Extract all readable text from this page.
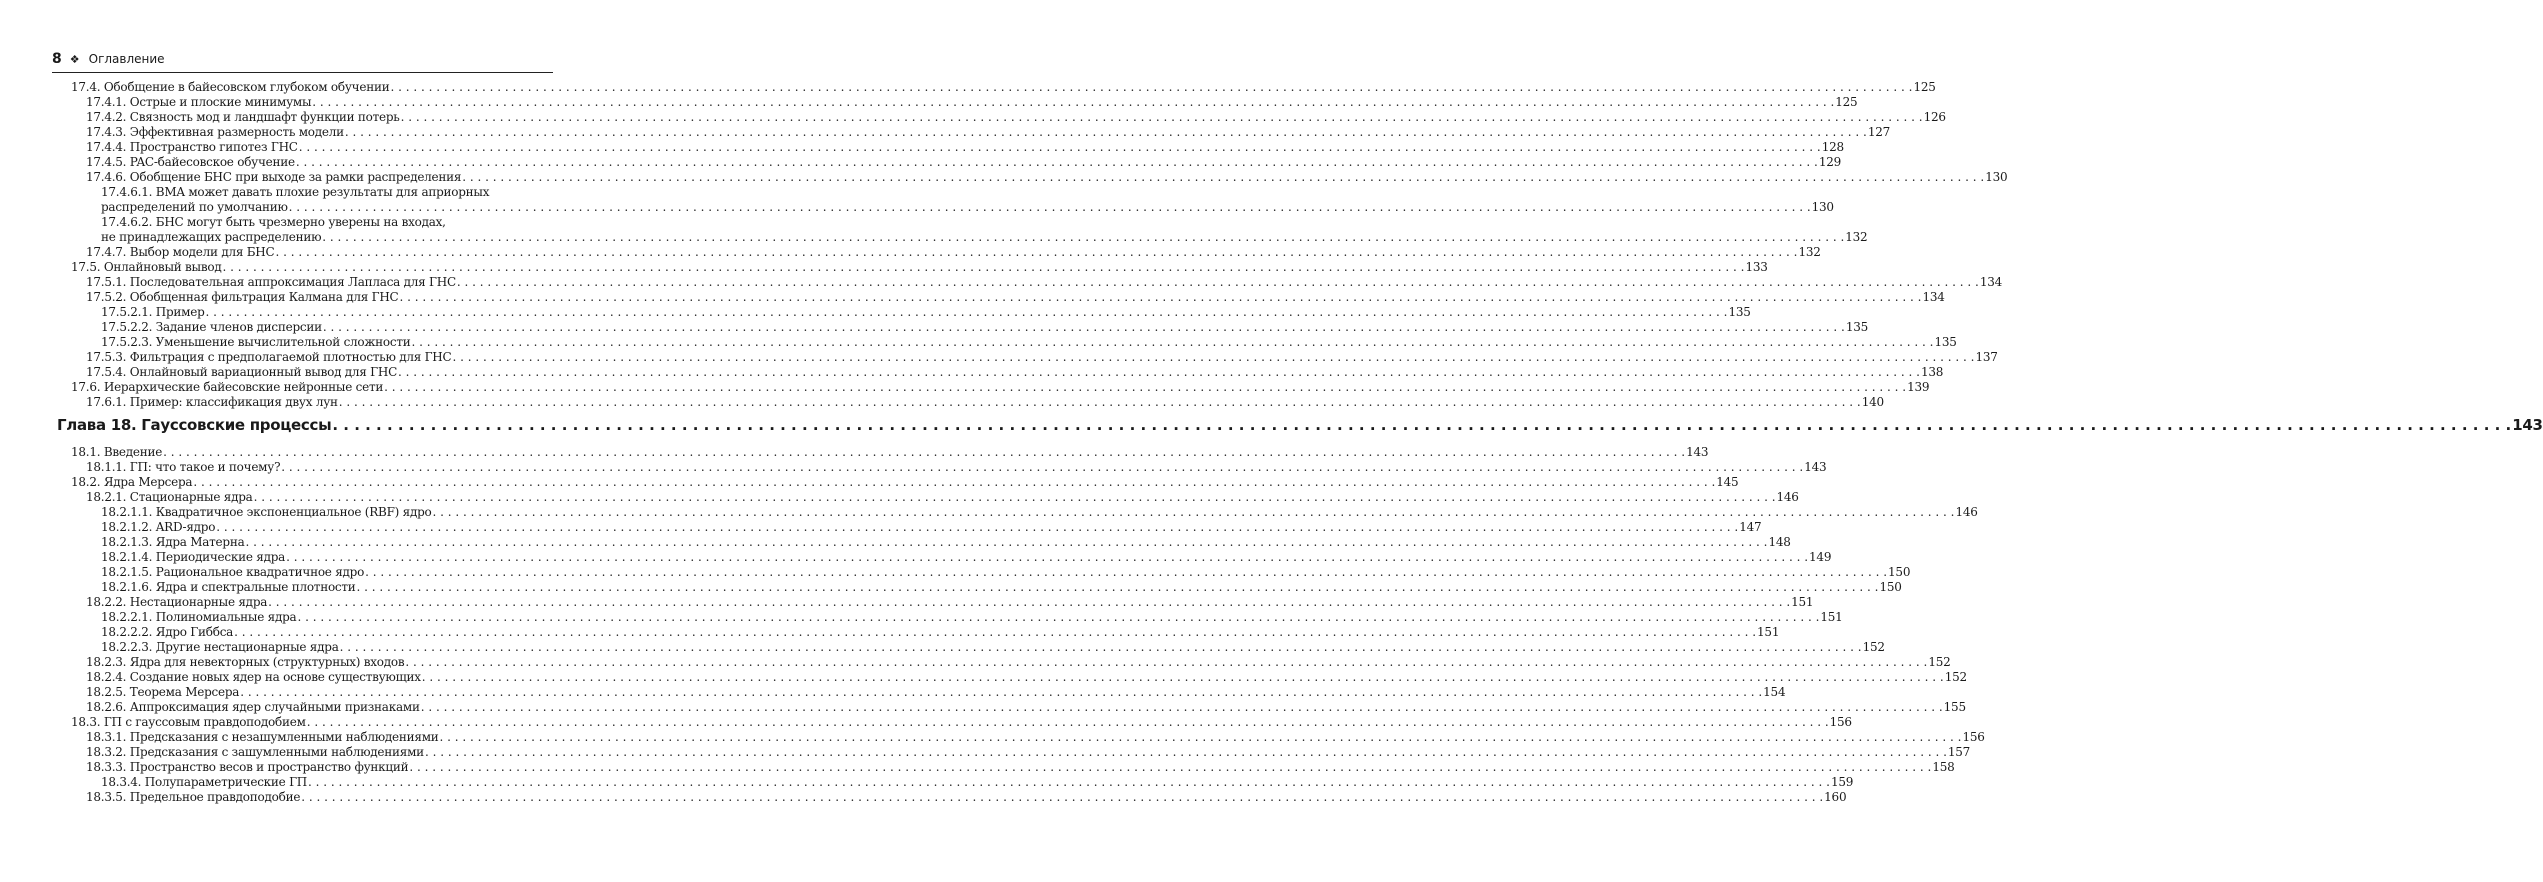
8 ❖ Оглавление
17.4. Обобщение в байесовском глубоком обучении . . . . . . . . . . . . . . . . . . . . . . . . . . . . . . . . . . . . . . . . . . . . . . . . . . . . . . . . . . . . . . . . . . . . . . . . . . . . . . . . . . . . . . . . . . . . . . . . . . . . . . . . . . . . . . . . . . . . . . . . . . . . . . . . . . . . . . . . . . . . . . . . . . . . . . . . . . . . . . . . . . . . . . . . . . . . . . . . . . . . . . . . . . . . . . . . . . . . . . . . 125
17.4.1. Острые и плоские минимумы . . . . . . . . . . . . . . . . . . . . . . . . . . . . . . . . . . . . . . . . . . . . . . . . . . . . . . . . . . . . . . . . . . . . . . . . . . . . . . . . . . . . . . . . . . . . . . . . . . . . . . . . . . . . . . . . . . . . . . . . . . . . . . . . . . . . . . . . . . . . . . . . . . . . . . . . . . . . . . . . . . . . . . . . . . . . . . . . . . . . . . . . . . . . . . . . . . . . . . . . 125
17.4.2. Связность мод и ландшафт функции потерь . . . . . . . . . . . . . . . . . . . . . . . . . . . . . . . . . . . . . . . . . . . . . . . . . . . . . . . . . . . . . . . . . . . . . . . . . . . . . . . . . . . . . . . . . . . . . . . . . . . . . . . . . . . . . . . . . . . . . . . . . . . . . . . . . . . . . . . . . . . . . . . . . . . . . . . . . . . . . . . . . . . . . . . . . . . . . . . . . . . . . . . . . . . . . . . . . . . . . . . . 126
17.4.3. Эффективная размерность модели . . . . . . . . . . . . . . . . . . . . . . . . . . . . . . . . . . . . . . . . . . . . . . . . . . . . . . . . . . . . . . . . . . . . . . . . . . . . . . . . . . . . . . . . . . . . . . . . . . . . . . . . . . . . . . . . . . . . . . . . . . . . . . . . . . . . . . . . . . . . . . . . . . . . . . . . . . . . . . . . . . . . . . . . . . . . . . . . . . . . . . . . . . . . . . . . . . . . . . . . 127
17.4.4. Пространство гипотез ГНС . . . . . . . . . . . . . . . . . . . . . . . . . . . . . . . . . . . . . . . . . . . . . . . . . . . . . . . . . . . . . . . . . . . . . . . . . . . . . . . . . . . . . . . . . . . . . . . . . . . . . . . . . . . . . . . . . . . . . . . . . . . . . . . . . . . . . . . . . . . . . . . . . . . . . . . . . . . . . . . . . . . . . . . . . . . . . . . . . . . . . . . . . . . . . . . . . . . . . . . . 128
17.4.5. PAC-байесовское обучение . . . . . . . . . . . . . . . . . . . . . . . . . . . . . . . . . . . . . . . . . . . . . . . . . . . . . . . . . . . . . . . . . . . . . . . . . . . . . . . . . . . . . . . . . . . . . . . . . . . . . . . . . . . . . . . . . . . . . . . . . . . . . . . . . . . . . . . . . . . . . . . . . . . . . . . . . . . . . . . . . . . . . . . . . . . . . . . . . . . . . . . . . . . . . . . . . . . . . . . . 129
17.4.6. Обобщение БНС при выходе за рамки распределения . . . . . . . . . . . . . . . . . . . . . . . . . . . . . . . . . . . . . . . . . . . . . . . . . . . . . . . . . . . . . . . . . . . . . . . . . . . . . . . . . . . . . . . . . . . . . . . . . . . . . . . . . . . . . . . . . . . . . . . . . . . . . . . . . . . . . . . . . . . . . . . . . . . . . . . . . . . . . . . . . . . . . . . . . . . . . . . . . . . . . . . . . . . . . . . . . . . . . . . . 130
17.4.6.1. BMA может давать плохие результаты для априорных
распределений по умолчанию . . . . . . . . . . . . . . . . . . . . . . . . . . . . . . . . . . . . . . . . . . . . . . . . . . . . . . . . . . . . . . . . . . . . . . . . . . . . . . . . . . . . . . . . . . . . . . . . . . . . . . . . . . . . . . . . . . . . . . . . . . . . . . . . . . . . . . . . . . . . . . . . . . . . . . . . . . . . . . . . . . . . . . . . . . . . . . . . . . . . . . . . . . . . . . . . . . . . . . . . 130
17.4.6.2. БНС могут быть чрезмерно уверены на входах,
не принадлежащих распределению . . . . . . . . . . . . . . . . . . . . . . . . . . . . . . . . . . . . . . . . . . . . . . . . . . . . . . . . . . . . . . . . . . . . . . . . . . . . . . . . . . . . . . . . . . . . . . . . . . . . . . . . . . . . . . . . . . . . . . . . . . . . . . . . . . . . . . . . . . . . . . . . . . . . . . . . . . . . . . . . . . . . . . . . . . . . . . . . . . . . . . . . . . . . . . . . . . . . . . . . 132
17.4.7. Выбор модели для БНС . . . . . . . . . . . . . . . . . . . . . . . . . . . . . . . . . . . . . . . . . . . . . . . . . . . . . . . . . . . . . . . . . . . . . . . . . . . . . . . . . . . . . . . . . . . . . . . . . . . . . . . . . . . . . . . . . . . . . . . . . . . . . . . . . . . . . . . . . . . . . . . . . . . . . . . . . . . . . . . . . . . . . . . . . . . . . . . . . . . . . . . . . . . . . . . . . . . . . . . . 132
17.5. Онлайновый вывод . . . . . . . . . . . . . . . . . . . . . . . . . . . . . . . . . . . . . . . . . . . . . . . . . . . . . . . . . . . . . . . . . . . . . . . . . . . . . . . . . . . . . . . . . . . . . . . . . . . . . . . . . . . . . . . . . . . . . . . . . . . . . . . . . . . . . . . . . . . . . . . . . . . . . . . . . . . . . . . . . . . . . . . . . . . . . . . . . . . . . . . . . . . . . . . . . . . . . . . . 133
17.5.1. Последовательная аппроксимация Лапласа для ГНС . . . . . . . . . . . . . . . . . . . . . . . . . . . . . . . . . . . . . . . . . . . . . . . . . . . . . . . . . . . . . . . . . . . . . . . . . . . . . . . . . . . . . . . . . . . . . . . . . . . . . . . . . . . . . . . . . . . . . . . . . . . . . . . . . . . . . . . . . . . . . . . . . . . . . . . . . . . . . . . . . . . . . . . . . . . . . . . . . . . . . . . . . . . . . . . . . . . . . . . . 134
17.5.2. Обобщенная фильтрация Калмана для ГНС . . . . . . . . . . . . . . . . . . . . . . . . . . . . . . . . . . . . . . . . . . . . . . . . . . . . . . . . . . . . . . . . . . . . . . . . . . . . . . . . . . . . . . . . . . . . . . . . . . . . . . . . . . . . . . . . . . . . . . . . . . . . . . . . . . . . . . . . . . . . . . . . . . . . . . . . . . . . . . . . . . . . . . . . . . . . . . . . . . . . . . . . . . . . . . . . . . . . . . . . 134
17.5.2.1. Пример . . . . . . . . . . . . . . . . . . . . . . . . . . . . . . . . . . . . . . . . . . . . . . . . . . . . . . . . . . . . . . . . . . . . . . . . . . . . . . . . . . . . . . . . . . . . . . . . . . . . . . . . . . . . . . . . . . . . . . . . . . . . . . . . . . . . . . . . . . . . . . . . . . . . . . . . . . . . . . . . . . . . . . . . . . . . . . . . . . . . . . . . . . . . . . . . . . . . . . . . 135
17.5.2.2. Задание членов дисперсии . . . . . . . . . . . . . . . . . . . . . . . . . . . . . . . . . . . . . . . . . . . . . . . . . . . . . . . . . . . . . . . . . . . . . . . . . . . . . . . . . . . . . . . . . . . . . . . . . . . . . . . . . . . . . . . . . . . . . . . . . . . . . . . . . . . . . . . . . . . . . . . . . . . . . . . . . . . . . . . . . . . . . . . . . . . . . . . . . . . . . . . . . . . . . . . . . . . . . . . . 135
17.5.2.3. Уменьшение вычислительной сложности . . . . . . . . . . . . . . . . . . . . . . . . . . . . . . . . . . . . . . . . . . . . . . . . . . . . . . . . . . . . . . . . . . . . . . . . . . . . . . . . . . . . . . . . . . . . . . . . . . . . . . . . . . . . . . . . . . . . . . . . . . . . . . . . . . . . . . . . . . . . . . . . . . . . . . . . . . . . . . . . . . . . . . . . . . . . . . . . . . . . . . . . . . . . . . . . . . . . . . . . 135
17.5.3. Фильтрация с предполагаемой плотностью для ГНС . . . . . . . . . . . . . . . . . . . . . . . . . . . . . . . . . . . . . . . . . . . . . . . . . . . . . . . . . . . . . . . . . . . . . . . . . . . . . . . . . . . . . . . . . . . . . . . . . . . . . . . . . . . . . . . . . . . . . . . . . . . . . . . . . . . . . . . . . . . . . . . . . . . . . . . . . . . . . . . . . . . . . . . . . . . . . . . . . . . . . . . . . . . . . . . . . . . . . . . . 137
17.5.4. Онлайновый вариационный вывод для ГНС . . . . . . . . . . . . . . . . . . . . . . . . . . . . . . . . . . . . . . . . . . . . . . . . . . . . . . . . . . . . . . . . . . . . . . . . . . . . . . . . . . . . . . . . . . . . . . . . . . . . . . . . . . . . . . . . . . . . . . . . . . . . . . . . . . . . . . . . . . . . . . . . . . . . . . . . . . . . . . . . . . . . . . . . . . . . . . . . . . . . . . . . . . . . . . . . . . . . . . . . 138
17.6. Иерархические байесовские нейронные сети . . . . . . . . . . . . . . . . . . . . . . . . . . . . . . . . . . . . . . . . . . . . . . . . . . . . . . . . . . . . . . . . . . . . . . . . . . . . . . . . . . . . . . . . . . . . . . . . . . . . . . . . . . . . . . . . . . . . . . . . . . . . . . . . . . . . . . . . . . . . . . . . . . . . . . . . . . . . . . . . . . . . . . . . . . . . . . . . . . . . . . . . . . . . . . . . . . . . . . . . 139
17.6.1. Пример: классификация двух лун . . . . . . . . . . . . . . . . . . . . . . . . . . . . . . . . . . . . . . . . . . . . . . . . . . . . . . . . . . . . . . . . . . . . . . . . . . . . . . . . . . . . . . . . . . . . . . . . . . . . . . . . . . . . . . . . . . . . . . . . . . . . . . . . . . . . . . . . . . . . . . . . . . . . . . . . . . . . . . . . . . . . . . . . . . . . . . . . . . . . . . . . . . . . . . . . . . . . . . . . 140
Глава 18. Гауссовские процессы . . . . . . . . . . . . . . . . . . . . . . . . . . . . . . . . . . . . . . . . . . . . . . . . . . . . . . . . . . . . . . . . . . . . . . . . . . . . . . . . . . . . . . . . . . . . . . . . . . . . . . . . . . . . . . . . . . . . . . . . . . . . . . . . . . . . . . . . . . . . . . . . . . . . . . . . . . . . . . . . . . . . . . . . . . . . . . . . . . . . . . . . . . . . . . . . . . . . . . . . 143
18.1. Введение . . . . . . . . . . . . . . . . . . . . . . . . . . . . . . . . . . . . . . . . . . . . . . . . . . . . . . . . . . . . . . . . . . . . . . . . . . . . . . . . . . . . . . . . . . . . . . . . . . . . . . . . . . . . . . . . . . . . . . . . . . . . . . . . . . . . . . . . . . . . . . . . . . . . . . . . . . . . . . . . . . . . . . . . . . . . . . . . . . . . . . . . . . . . . . . . . . . . . . . . 143
18.1.1. ГП: что такое и почему? . . . . . . . . . . . . . . . . . . . . . . . . . . . . . . . . . . . . . . . . . . . . . . . . . . . . . . . . . . . . . . . . . . . . . . . . . . . . . . . . . . . . . . . . . . . . . . . . . . . . . . . . . . . . . . . . . . . . . . . . . . . . . . . . . . . . . . . . . . . . . . . . . . . . . . . . . . . . . . . . . . . . . . . . . . . . . . . . . . . . . . . . . . . . . . . . . . . . . . . . 143
18.2. Ядра Мерсера . . . . . . . . . . . . . . . . . . . . . . . . . . . . . . . . . . . . . . . . . . . . . . . . . . . . . . . . . . . . . . . . . . . . . . . . . . . . . . . . . . . . . . . . . . . . . . . . . . . . . . . . . . . . . . . . . . . . . . . . . . . . . . . . . . . . . . . . . . . . . . . . . . . . . . . . . . . . . . . . . . . . . . . . . . . . . . . . . . . . . . . . . . . . . . . . . . . . . . . . 145
18.2.1. Стационарные ядра . . . . . . . . . . . . . . . . . . . . . . . . . . . . . . . . . . . . . . . . . . . . . . . . . . . . . . . . . . . . . . . . . . . . . . . . . . . . . . . . . . . . . . . . . . . . . . . . . . . . . . . . . . . . . . . . . . . . . . . . . . . . . . . . . . . . . . . . . . . . . . . . . . . . . . . . . . . . . . . . . . . . . . . . . . . . . . . . . . . . . . . . . . . . . . . . . . . . . . . . 146
18.2.1.1. Квадратичное экспоненциальное (RBF) ядро . . . . . . . . . . . . . . . . . . . . . . . . . . . . . . . . . . . . . . . . . . . . . . . . . . . . . . . . . . . . . . . . . . . . . . . . . . . . . . . . . . . . . . . . . . . . . . . . . . . . . . . . . . . . . . . . . . . . . . . . . . . . . . . . . . . . . . . . . . . . . . . . . . . . . . . . . . . . . . . . . . . . . . . . . . . . . . . . . . . . . . . . . . . . . . . . . . . . . . . . 146
18.2.1.2. ARD-ядро . . . . . . . . . . . . . . . . . . . . . . . . . . . . . . . . . . . . . . . . . . . . . . . . . . . . . . . . . . . . . . . . . . . . . . . . . . . . . . . . . . . . . . . . . . . . . . . . . . . . . . . . . . . . . . . . . . . . . . . . . . . . . . . . . . . . . . . . . . . . . . . . . . . . . . . . . . . . . . . . . . . . . . . . . . . . . . . . . . . . . . . . . . . . . . . . . . . . . . . . 147
18.2.1.3. Ядра Матерна . . . . . . . . . . . . . . . . . . . . . . . . . . . . . . . . . . . . . . . . . . . . . . . . . . . . . . . . . . . . . . . . . . . . . . . . . . . . . . . . . . . . . . . . . . . . . . . . . . . . . . . . . . . . . . . . . . . . . . . . . . . . . . . . . . . . . . . . . . . . . . . . . . . . . . . . . . . . . . . . . . . . . . . . . . . . . . . . . . . . . . . . . . . . . . . . . . . . . . . . 148
18.2.1.4. Периодические ядра . . . . . . . . . . . . . . . . . . . . . . . . . . . . . . . . . . . . . . . . . . . . . . . . . . . . . . . . . . . . . . . . . . . . . . . . . . . . . . . . . . . . . . . . . . . . . . . . . . . . . . . . . . . . . . . . . . . . . . . . . . . . . . . . . . . . . . . . . . . . . . . . . . . . . . . . . . . . . . . . . . . . . . . . . . . . . . . . . . . . . . . . . . . . . . . . . . . . . . . . 149
18.2.1.5. Рациональное квадратичное ядро . . . . . . . . . . . . . . . . . . . . . . . . . . . . . . . . . . . . . . . . . . . . . . . . . . . . . . . . . . . . . . . . . . . . . . . . . . . . . . . . . . . . . . . . . . . . . . . . . . . . . . . . . . . . . . . . . . . . . . . . . . . . . . . . . . . . . . . . . . . . . . . . . . . . . . . . . . . . . . . . . . . . . . . . . . . . . . . . . . . . . . . . . . . . . . . . . . . . . . . . 150
18.2.1.6. Ядра и спектральные плотности . . . . . . . . . . . . . . . . . . . . . . . . . . . . . . . . . . . . . . . . . . . . . . . . . . . . . . . . . . . . . . . . . . . . . . . . . . . . . . . . . . . . . . . . . . . . . . . . . . . . . . . . . . . . . . . . . . . . . . . . . . . . . . . . . . . . . . . . . . . . . . . . . . . . . . . . . . . . . . . . . . . . . . . . . . . . . . . . . . . . . . . . . . . . . . . . . . . . . . . . 150
18.2.2. Нестационарные ядра . . . . . . . . . . . . . . . . . . . . . . . . . . . . . . . . . . . . . . . . . . . . . . . . . . . . . . . . . . . . . . . . . . . . . . . . . . . . . . . . . . . . . . . . . . . . . . . . . . . . . . . . . . . . . . . . . . . . . . . . . . . . . . . . . . . . . . . . . . . . . . . . . . . . . . . . . . . . . . . . . . . . . . . . . . . . . . . . . . . . . . . . . . . . . . . . . . . . . . . . 151
18.2.2.1. Полиномиальные ядра . . . . . . . . . . . . . . . . . . . . . . . . . . . . . . . . . . . . . . . . . . . . . . . . . . . . . . . . . . . . . . . . . . . . . . . . . . . . . . . . . . . . . . . . . . . . . . . . . . . . . . . . . . . . . . . . . . . . . . . . . . . . . . . . . . . . . . . . . . . . . . . . . . . . . . . . . . . . . . . . . . . . . . . . . . . . . . . . . . . . . . . . . . . . . . . . . . . . . . . . 151
18.2.2.2. Ядро Гиббса . . . . . . . . . . . . . . . . . . . . . . . . . . . . . . . . . . . . . . . . . . . . . . . . . . . . . . . . . . . . . . . . . . . . . . . . . . . . . . . . . . . . . . . . . . . . . . . . . . . . . . . . . . . . . . . . . . . . . . . . . . . . . . . . . . . . . . . . . . . . . . . . . . . . . . . . . . . . . . . . . . . . . . . . . . . . . . . . . . . . . . . . . . . . . . . . . . . . . . . . 151
18.2.2.3. Другие нестационарные ядра . . . . . . . . . . . . . . . . . . . . . . . . . . . . . . . . . . . . . . . . . . . . . . . . . . . . . . . . . . . . . . . . . . . . . . . . . . . . . . . . . . . . . . . . . . . . . . . . . . . . . . . . . . . . . . . . . . . . . . . . . . . . . . . . . . . . . . . . . . . . . . . . . . . . . . . . . . . . . . . . . . . . . . . . . . . . . . . . . . . . . . . . . . . . . . . . . . . . . . . . 152
18.2.3. Ядра для невекторных (структурных) входов . . . . . . . . . . . . . . . . . . . . . . . . . . . . . . . . . . . . . . . . . . . . . . . . . . . . . . . . . . . . . . . . . . . . . . . . . . . . . . . . . . . . . . . . . . . . . . . . . . . . . . . . . . . . . . . . . . . . . . . . . . . . . . . . . . . . . . . . . . . . . . . . . . . . . . . . . . . . . . . . . . . . . . . . . . . . . . . . . . . . . . . . . . . . . . . . . . . . . . . . 152
18.2.4. Создание новых ядер на основе существующих . . . . . . . . . . . . . . . . . . . . . . . . . . . . . . . . . . . . . . . . . . . . . . . . . . . . . . . . . . . . . . . . . . . . . . . . . . . . . . . . . . . . . . . . . . . . . . . . . . . . . . . . . . . . . . . . . . . . . . . . . . . . . . . . . . . . . . . . . . . . . . . . . . . . . . . . . . . . . . . . . . . . . . . . . . . . . . . . . . . . . . . . . . . . . . . . . . . . . . . . 152
18.2.5. Теорема Мерсера . . . . . . . . . . . . . . . . . . . . . . . . . . . . . . . . . . . . . . . . . . . . . . . . . . . . . . . . . . . . . . . . . . . . . . . . . . . . . . . . . . . . . . . . . . . . . . . . . . . . . . . . . . . . . . . . . . . . . . . . . . . . . . . . . . . . . . . . . . . . . . . . . . . . . . . . . . . . . . . . . . . . . . . . . . . . . . . . . . . . . . . . . . . . . . . . . . . . . . . . 154
18.2.6. Аппроксимация ядер случайными признаками . . . . . . . . . . . . . . . . . . . . . . . . . . . . . . . . . . . . . . . . . . . . . . . . . . . . . . . . . . . . . . . . . . . . . . . . . . . . . . . . . . . . . . . . . . . . . . . . . . . . . . . . . . . . . . . . . . . . . . . . . . . . . . . . . . . . . . . . . . . . . . . . . . . . . . . . . . . . . . . . . . . . . . . . . . . . . . . . . . . . . . . . . . . . . . . . . . . . . . . . 155
18.3. ГП с гауссовым правдоподобием . . . . . . . . . . . . . . . . . . . . . . . . . . . . . . . . . . . . . . . . . . . . . . . . . . . . . . . . . . . . . . . . . . . . . . . . . . . . . . . . . . . . . . . . . . . . . . . . . . . . . . . . . . . . . . . . . . . . . . . . . . . . . . . . . . . . . . . . . . . . . . . . . . . . . . . . . . . . . . . . . . . . . . . . . . . . . . . . . . . . . . . . . . . . . . . . . . . . . . . . 156
18.3.1. Предсказания с незашумленными наблюдениями . . . . . . . . . . . . . . . . . . . . . . . . . . . . . . . . . . . . . . . . . . . . . . . . . . . . . . . . . . . . . . . . . . . . . . . . . . . . . . . . . . . . . . . . . . . . . . . . . . . . . . . . . . . . . . . . . . . . . . . . . . . . . . . . . . . . . . . . . . . . . . . . . . . . . . . . . . . . . . . . . . . . . . . . . . . . . . . . . . . . . . . . . . . . . . . . . . . . . . . . 156
18.3.2. Предсказания с зашумленными наблюдениями . . . . . . . . . . . . . . . . . . . . . . . . . . . . . . . . . . . . . . . . . . . . . . . . . . . . . . . . . . . . . . . . . . . . . . . . . . . . . . . . . . . . . . . . . . . . . . . . . . . . . . . . . . . . . . . . . . . . . . . . . . . . . . . . . . . . . . . . . . . . . . . . . . . . . . . . . . . . . . . . . . . . . . . . . . . . . . . . . . . . . . . . . . . . . . . . . . . . . . . . 157
18.3.3. Пространство весов и пространство функций . . . . . . . . . . . . . . . . . . . . . . . . . . . . . . . . . . . . . . . . . . . . . . . . . . . . . . . . . . . . . . . . . . . . . . . . . . . . . . . . . . . . . . . . . . . . . . . . . . . . . . . . . . . . . . . . . . . . . . . . . . . . . . . . . . . . . . . . . . . . . . . . . . . . . . . . . . . . . . . . . . . . . . . . . . . . . . . . . . . . . . . . . . . . . . . . . . . . . . . . 158
18.3.4. Полупараметрические ГП . . . . . . . . . . . . . . . . . . . . . . . . . . . . . . . . . . . . . . . . . . . . . . . . . . . . . . . . . . . . . . . . . . . . . . . . . . . . . . . . . . . . . . . . . . . . . . . . . . . . . . . . . . . . . . . . . . . . . . . . . . . . . . . . . . . . . . . . . . . . . . . . . . . . . . . . . . . . . . . . . . . . . . . . . . . . . . . . . . . . . . . . . . . . . . . . . . . . . . . . 159
18.3.5. Предельное правдоподобие . . . . . . . . . . . . . . . . . . . . . . . . . . . . . . . . . . . . . . . . . . . . . . . . . . . . . . . . . . . . . . . . . . . . . . . . . . . . . . . . . . . . . . . . . . . . . . . . . . . . . . . . . . . . . . . . . . . . . . . . . . . . . . . . . . . . . . . . . . . . . . . . . . . . . . . . . . . . . . . . . . . . . . . . . . . . . . . . . . . . . . . . . . . . . . . . . . . . . . . . 160
